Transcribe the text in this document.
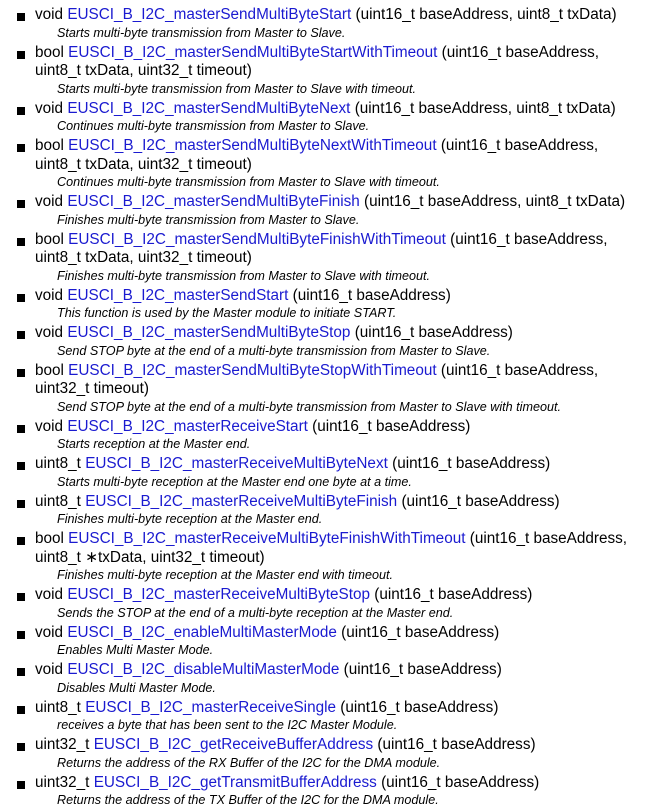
void EUSCI_B_I2C_masterSendMultiByteStart (uint16_t baseAddress, uint8_t txData)
Starts multi-byte transmission from Master to Slave.
bool EUSCI_B_I2C_masterSendMultiByteStartWithTimeout (uint16_t baseAddress, uint8_t txData, uint32_t timeout)
Starts multi-byte transmission from Master to Slave with timeout.
void EUSCI_B_I2C_masterSendMultiByteNext (uint16_t baseAddress, uint8_t txData)
Continues multi-byte transmission from Master to Slave.
bool EUSCI_B_I2C_masterSendMultiByteNextWithTimeout (uint16_t baseAddress, uint8_t txData, uint32_t timeout)
Continues multi-byte transmission from Master to Slave with timeout.
void EUSCI_B_I2C_masterSendMultiByteFinish (uint16_t baseAddress, uint8_t txData)
Finishes multi-byte transmission from Master to Slave.
bool EUSCI_B_I2C_masterSendMultiByteFinishWithTimeout (uint16_t baseAddress, uint8_t txData, uint32_t timeout)
Finishes multi-byte transmission from Master to Slave with timeout.
void EUSCI_B_I2C_masterSendStart (uint16_t baseAddress)
This function is used by the Master module to initiate START.
void EUSCI_B_I2C_masterSendMultiByteStop (uint16_t baseAddress)
Send STOP byte at the end of a multi-byte transmission from Master to Slave.
bool EUSCI_B_I2C_masterSendMultiByteStopWithTimeout (uint16_t baseAddress, uint32_t timeout)
Send STOP byte at the end of a multi-byte transmission from Master to Slave with timeout.
void EUSCI_B_I2C_masterReceiveStart (uint16_t baseAddress)
Starts reception at the Master end.
uint8_t EUSCI_B_I2C_masterReceiveMultiByteNext (uint16_t baseAddress)
Starts multi-byte reception at the Master end one byte at a time.
uint8_t EUSCI_B_I2C_masterReceiveMultiByteFinish (uint16_t baseAddress)
Finishes multi-byte reception at the Master end.
bool EUSCI_B_I2C_masterReceiveMultiByteFinishWithTimeout (uint16_t baseAddress, uint8_t ∗txData, uint32_t timeout)
Finishes multi-byte reception at the Master end with timeout.
void EUSCI_B_I2C_masterReceiveMultiByteStop (uint16_t baseAddress)
Sends the STOP at the end of a multi-byte reception at the Master end.
void EUSCI_B_I2C_enableMultiMasterMode (uint16_t baseAddress)
Enables Multi Master Mode.
void EUSCI_B_I2C_disableMultiMasterMode (uint16_t baseAddress)
Disables Multi Master Mode.
uint8_t EUSCI_B_I2C_masterReceiveSingle (uint16_t baseAddress)
receives a byte that has been sent to the I2C Master Module.
uint32_t EUSCI_B_I2C_getReceiveBufferAddress (uint16_t baseAddress)
Returns the address of the RX Buffer of the I2C for the DMA module.
uint32_t EUSCI_B_I2C_getTransmitBufferAddress (uint16_t baseAddress)
Returns the address of the TX Buffer of the I2C for the DMA module.
